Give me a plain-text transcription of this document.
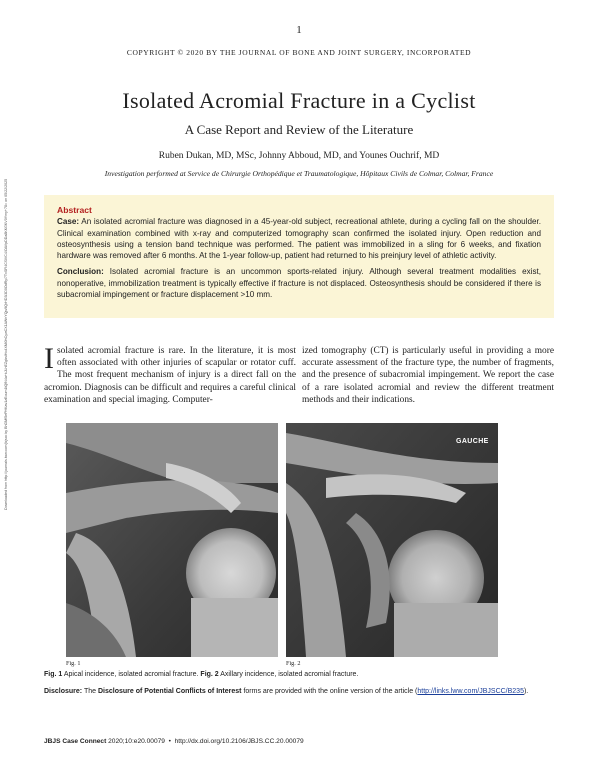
1
COPYRIGHT © 2020 BY THE JOURNAL OF BONE AND JOINT SURGERY, INCORPORATED
Isolated Acromial Fracture in a Cyclist
A Case Report and Review of the Literature
Ruben Dukan, MD, MSc, Johnny Abboud, MD, and Younes Ouchrif, MD
Investigation performed at Service de Chirurgie Orthopédique et Traumatologique, Hôpitaux Civils de Colmar, Colmar, France

Abstract

Case: An isolated acromial fracture was diagnosed in a 45-year-old subject, recreational athlete, during a cycling fall on the shoulder. Clinical examination combined with x-ray and computerized tomography scan confirmed the isolated injury. Open reduction and osteosynthesis using a tension band technique was performed. The patient was immobilized in a sling for 6 weeks, and fixation hardware was removed after 6 months. At the 1-year follow-up, patient had returned to his preinjury level of athletic activity.

Conclusion: Isolated acromial fracture is an uncommon sports-related injury. Although several treatment modalities exist, nonoperative, immobilization treatment is typically effective if fracture is not displaced. Osteosynthesis should be considered if there is subacromial impingement or fracture displacement >10 mm.

Downloaded from http://journals.lww.com/jbjscc by BhDMf5ePHKav1zEoum1tQfN4a+kJLhEZgbsIHo4XMi0hCywCX1AWnYQp/IlQrHD3i3D0OdRyi7TvSFl4Cf3VC4/OAVpDDa8KKGKV0Ymy+78= on 05/22/2025 Isolated acromial fracture is rare. In the literature, it is most often associated with other injuries of scapular or rotator cuff. The most frequent mechanism of injury is a direct fall on the acromion. Diagnosis can be difficult and requires a careful clinical examination and special imaging. Computer-
ized tomography (CT) is particularly useful in providing a more accurate assessment of the fracture type, the number of fragments, and the presence of subacromial impingement. We report the case of a rare isolated acromial and review the different treatment methods and their indications.
GAUCHE
Fig. 1	Fig. 2
Fig. 1 Apical incidence, isolated acromial fracture. Fig. 2 Axillary incidence, isolated acromial fracture.
Disclosure: The Disclosure of Potential Conflicts of Interest forms are provided with the online version of the article (http://links.lww.com/JBJSCC/B235).
JBJS Case Connect 2020;10:e20.00079 • http://dx.doi.org/10.2106/JBJS.CC.20.00079
